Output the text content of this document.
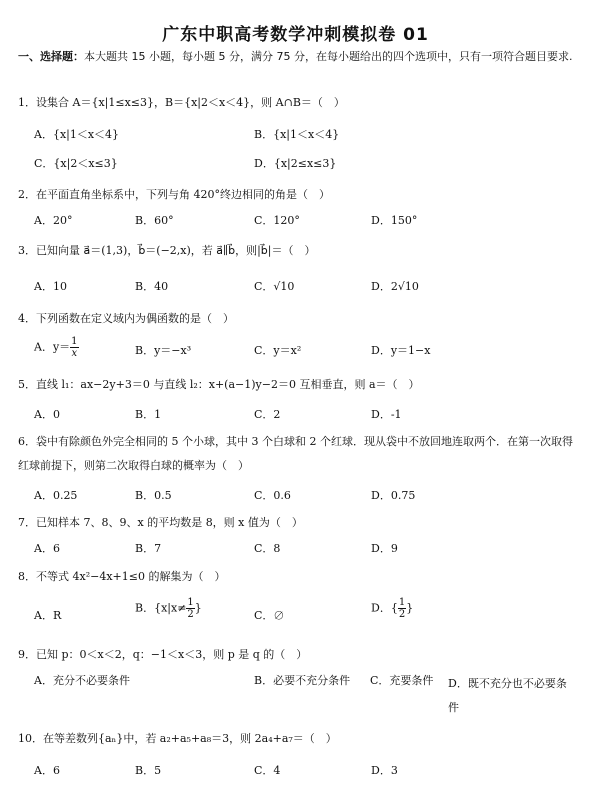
广东中职高考数学冲刺模拟卷 01
一、选择题：本大题共 15 小题，每小题 5 分，满分 75 分，在每小题给出的四个选项中，只有一项符合题目要求.
1．设集合 A＝{x|1≤x≤3}，B＝{x|2＜x＜4}，则 A∩B＝（　）
A．{x|1＜x＜4}	B．{x|1＜x＜4}
C．{x|2＜x≤3}	D．{x|2≤x≤3}
2．在平面直角坐标系中，下列与角 420°终边相同的角是（　）
A．20°	B．60°	C．120°	D．150°
3．已知向量 a⃗＝(1,3)，b⃗＝(−2,x)，若 a⃗∥b⃗，则|b⃗|＝（　）
A．10	B．40	C．√10	D．2√10
4．下列函数在定义域内为偶函数的是（　）
A．$y= \frac{1}{x}$	B．y＝−x³	C．y＝x²	D．y＝1−x
5．直线 l₁：ax−2y+3＝0 与直线 l₂：x+(a−1)y−2＝0 互相垂直，则 a＝（　）
A．0	B．1	C．2	D．-1
6．袋中有除颜色外完全相同的 5 个小球，其中 3 个白球和 2 个红球．现从袋中不放回地连取两个．在第一次取得红球前提下，则第二次取得白球的概率为（　）
A．0.25	B．0.5	C．0.6	D．0.75
7．已知样本 7、8、9、x 的平均数是 8，则 x 值为（　）
A．6	B．7	C．8	D．9
8．不等式 4x²−4x+1≤0 的解集为（　）
A．R
B．{$x|x\ne \frac{1}{2}$ }
C．∅
D．{ $\frac{1}{2}$ }
9．已知 p：0＜x＜2，q：−1＜x＜3，则 p 是 q 的（　）
A．充分不必要条件	B．必要不充分条件 C．充要条件 D．既不充分也不必要条件
10．在等差数列{aₙ}中，若 a₂+a₅+a₈＝3，则 2a₄+a₇＝（　）
A．6	B．5	C．4	D．3
